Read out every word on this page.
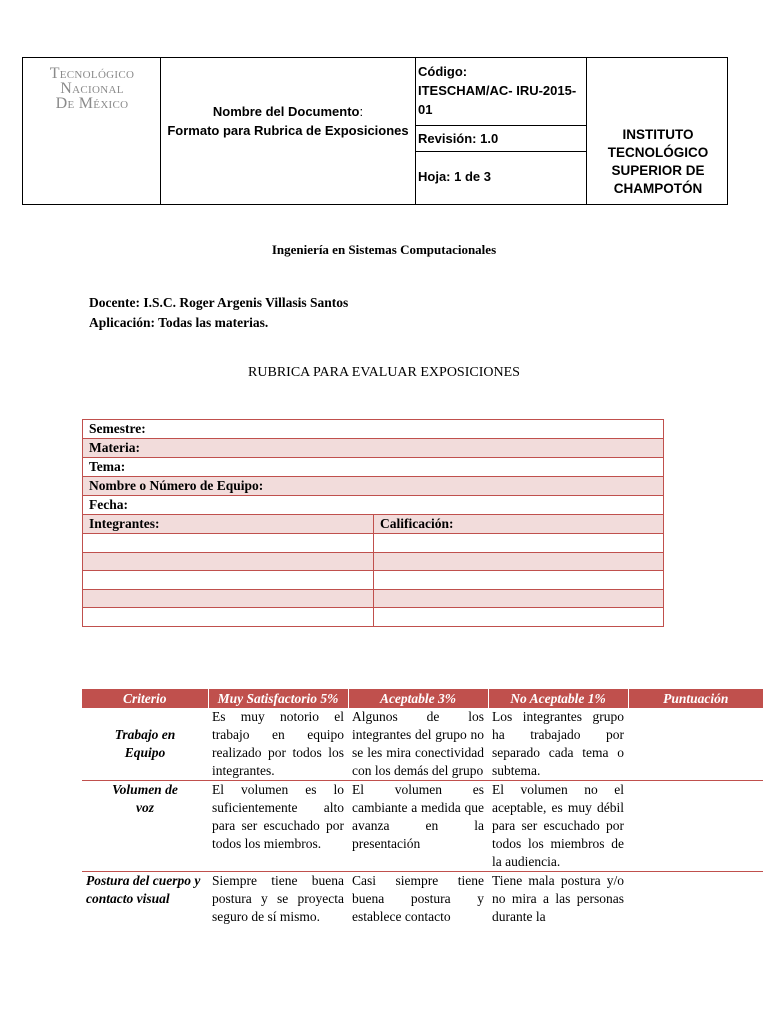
Tecnológico
Nacional
De México	Nombre del Documento:
Formato para Rubrica de Exposiciones
Código:
ITESCHAM/AC- IRU-2015-01
Revisión: 1.0
Hoja: 1 de 3
INSTITUTO TECNOLÓGICO SUPERIOR DE CHAMPOTÓN
Ingeniería en Sistemas Computacionales
Docente: I.S.C. Roger Argenis Villasis Santos
Aplicación: Todas las materias.
RUBRICA PARA EVALUAR EXPOSICIONES
Semestre:	
Materia:	
Tema:	
Nombre o Número de Equipo:	
Fecha:	
Integrantes:	Calificación:

Criterio	Muy Satisfactorio 5%	Aceptable 3%	No Aceptable 1%	Puntuación
Trabajo en Equipo	Es muy notorio el trabajo en equipo realizado por todos los integrantes.	Algunos de los integrantes del grupo no se les mira conectividad con los demás del grupo	Los integrantes grupo ha trabajado por separado cada tema o subtema.	
Volumen de voz	El volumen es lo suficientemente alto para ser escuchado por todos los miembros.	El volumen es cambiante a medida que avanza en la presentación	El volumen no el aceptable, es muy débil para ser escuchado por todos los miembros de la audiencia.	
Postura del cuerpo y contacto visual	Siempre tiene buena postura y se proyecta seguro de sí mismo.	Casi siempre tiene buena postura y establece contacto	Tiene mala postura y/o no mira a las personas durante la	
